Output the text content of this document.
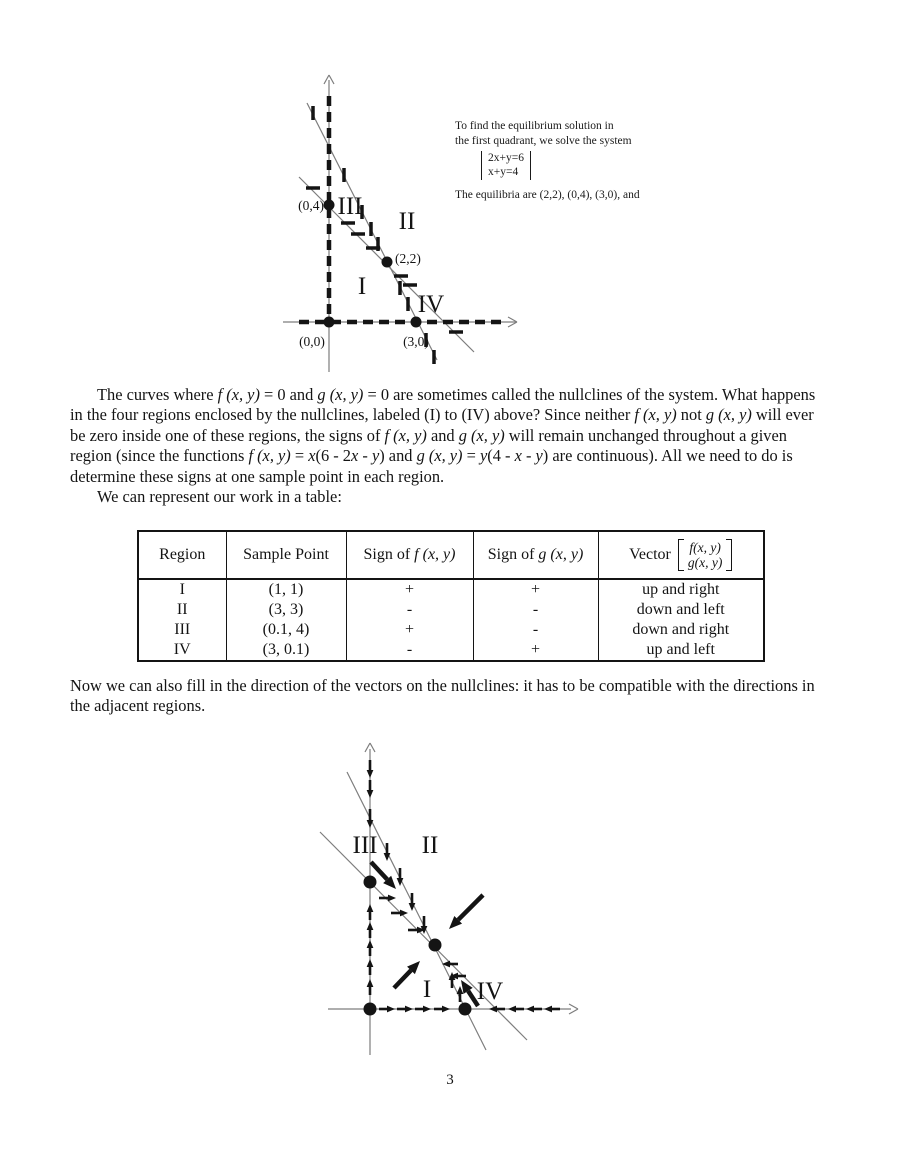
(0,4)
(2,2)
(0,0)	(3,0)
I
II
III
IV
To find the equilibrium solution in
the first quadrant, we solve the system
2x+y=6
x+y=4
The equilibria are (2,2), (0,4), (3,0), and

The curves where f (x, y) = 0 and g (x, y) = 0 are sometimes called the nullclines of the system. What happens in the four regions enclosed by the nullclines, labeled (I) to (IV) above? Since neither f (x, y) not g (x, y) will ever be zero inside one of these regions, the signs of f (x, y) and g (x, y) will remain unchanged throughout a given region (since the functions f (x, y) = x(6 - 2x - y) and g (x, y) = y(4 - x - y) are continuous). All we need to do is determine these signs at one sample point in each region.

We can represent our work in a table:

Region	Sample Point	Sign of f (x, y)	Sign of g (x, y)	Vector f(x, y)
g(x, y)

I	(1, 1)	+	+	up and right
II	(3, 3)	-	-	down and left
III	(0.1, 4)	+	-	down and right
IV	(3, 0.1)	-	+	up and left

Now we can also fill in the direction of the vectors on the nullclines: it has to be compatible with the directions in the adjacent regions.

III II
I IV
3
